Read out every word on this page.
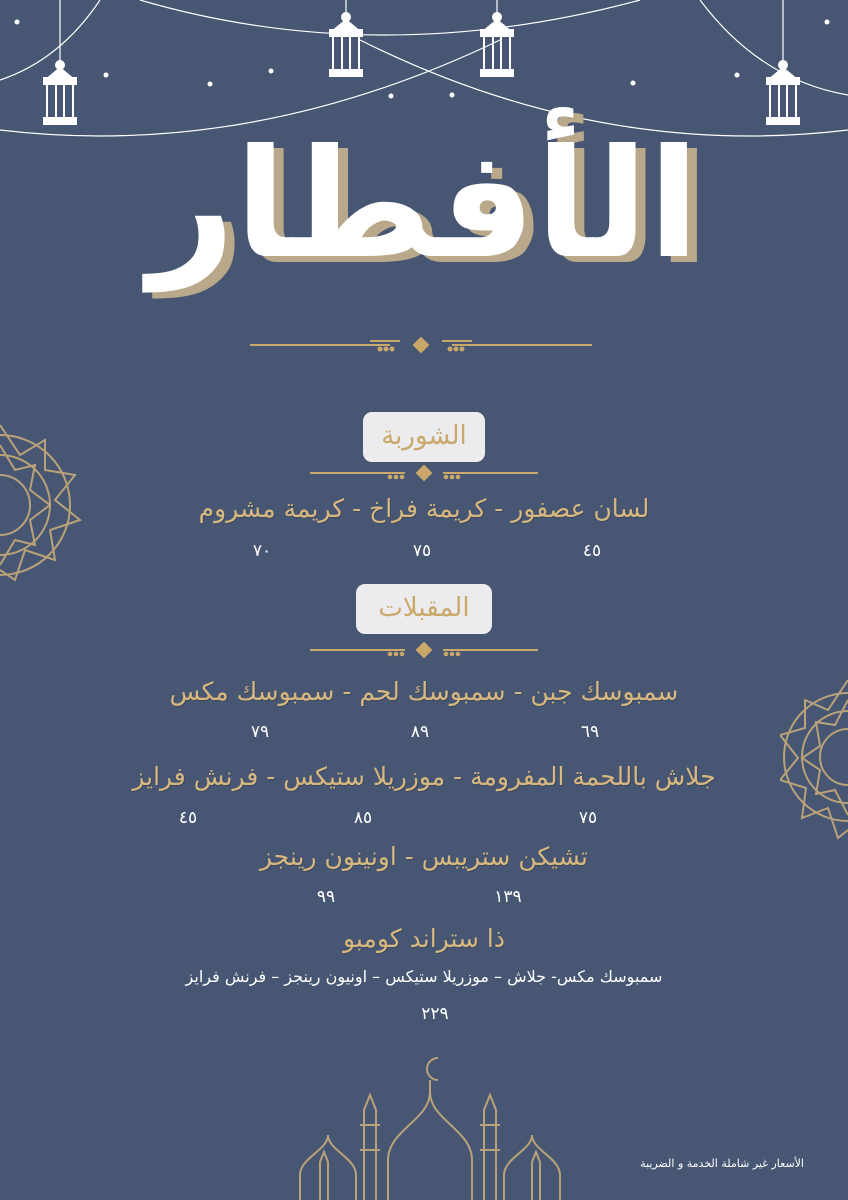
الأفطار
الشوربة
لسان عصفور - كريمة فراخ - كريمة مشروم
٤٥
٧٥
٧٠
المقبلات
سمبوسك جبن - سمبوسك لحم - سمبوسك مكس
٦٩
٨٩
٧٩
جلاش باللحمة المفرومة - موزريلا ستيكس - فرنش فرايز
٧٥
٨٥
٤٥
تشيكن ستريبس - اونينون رينجز
١٣٩
٩٩
ذا ستراند كومبو
سمبوسك مكس- جلاش – موزريلا ستيكس – اونيون رينجز – فرنش فرايز
٢٢٩
الأسعار غير شاملة الخدمة و الضريبة
